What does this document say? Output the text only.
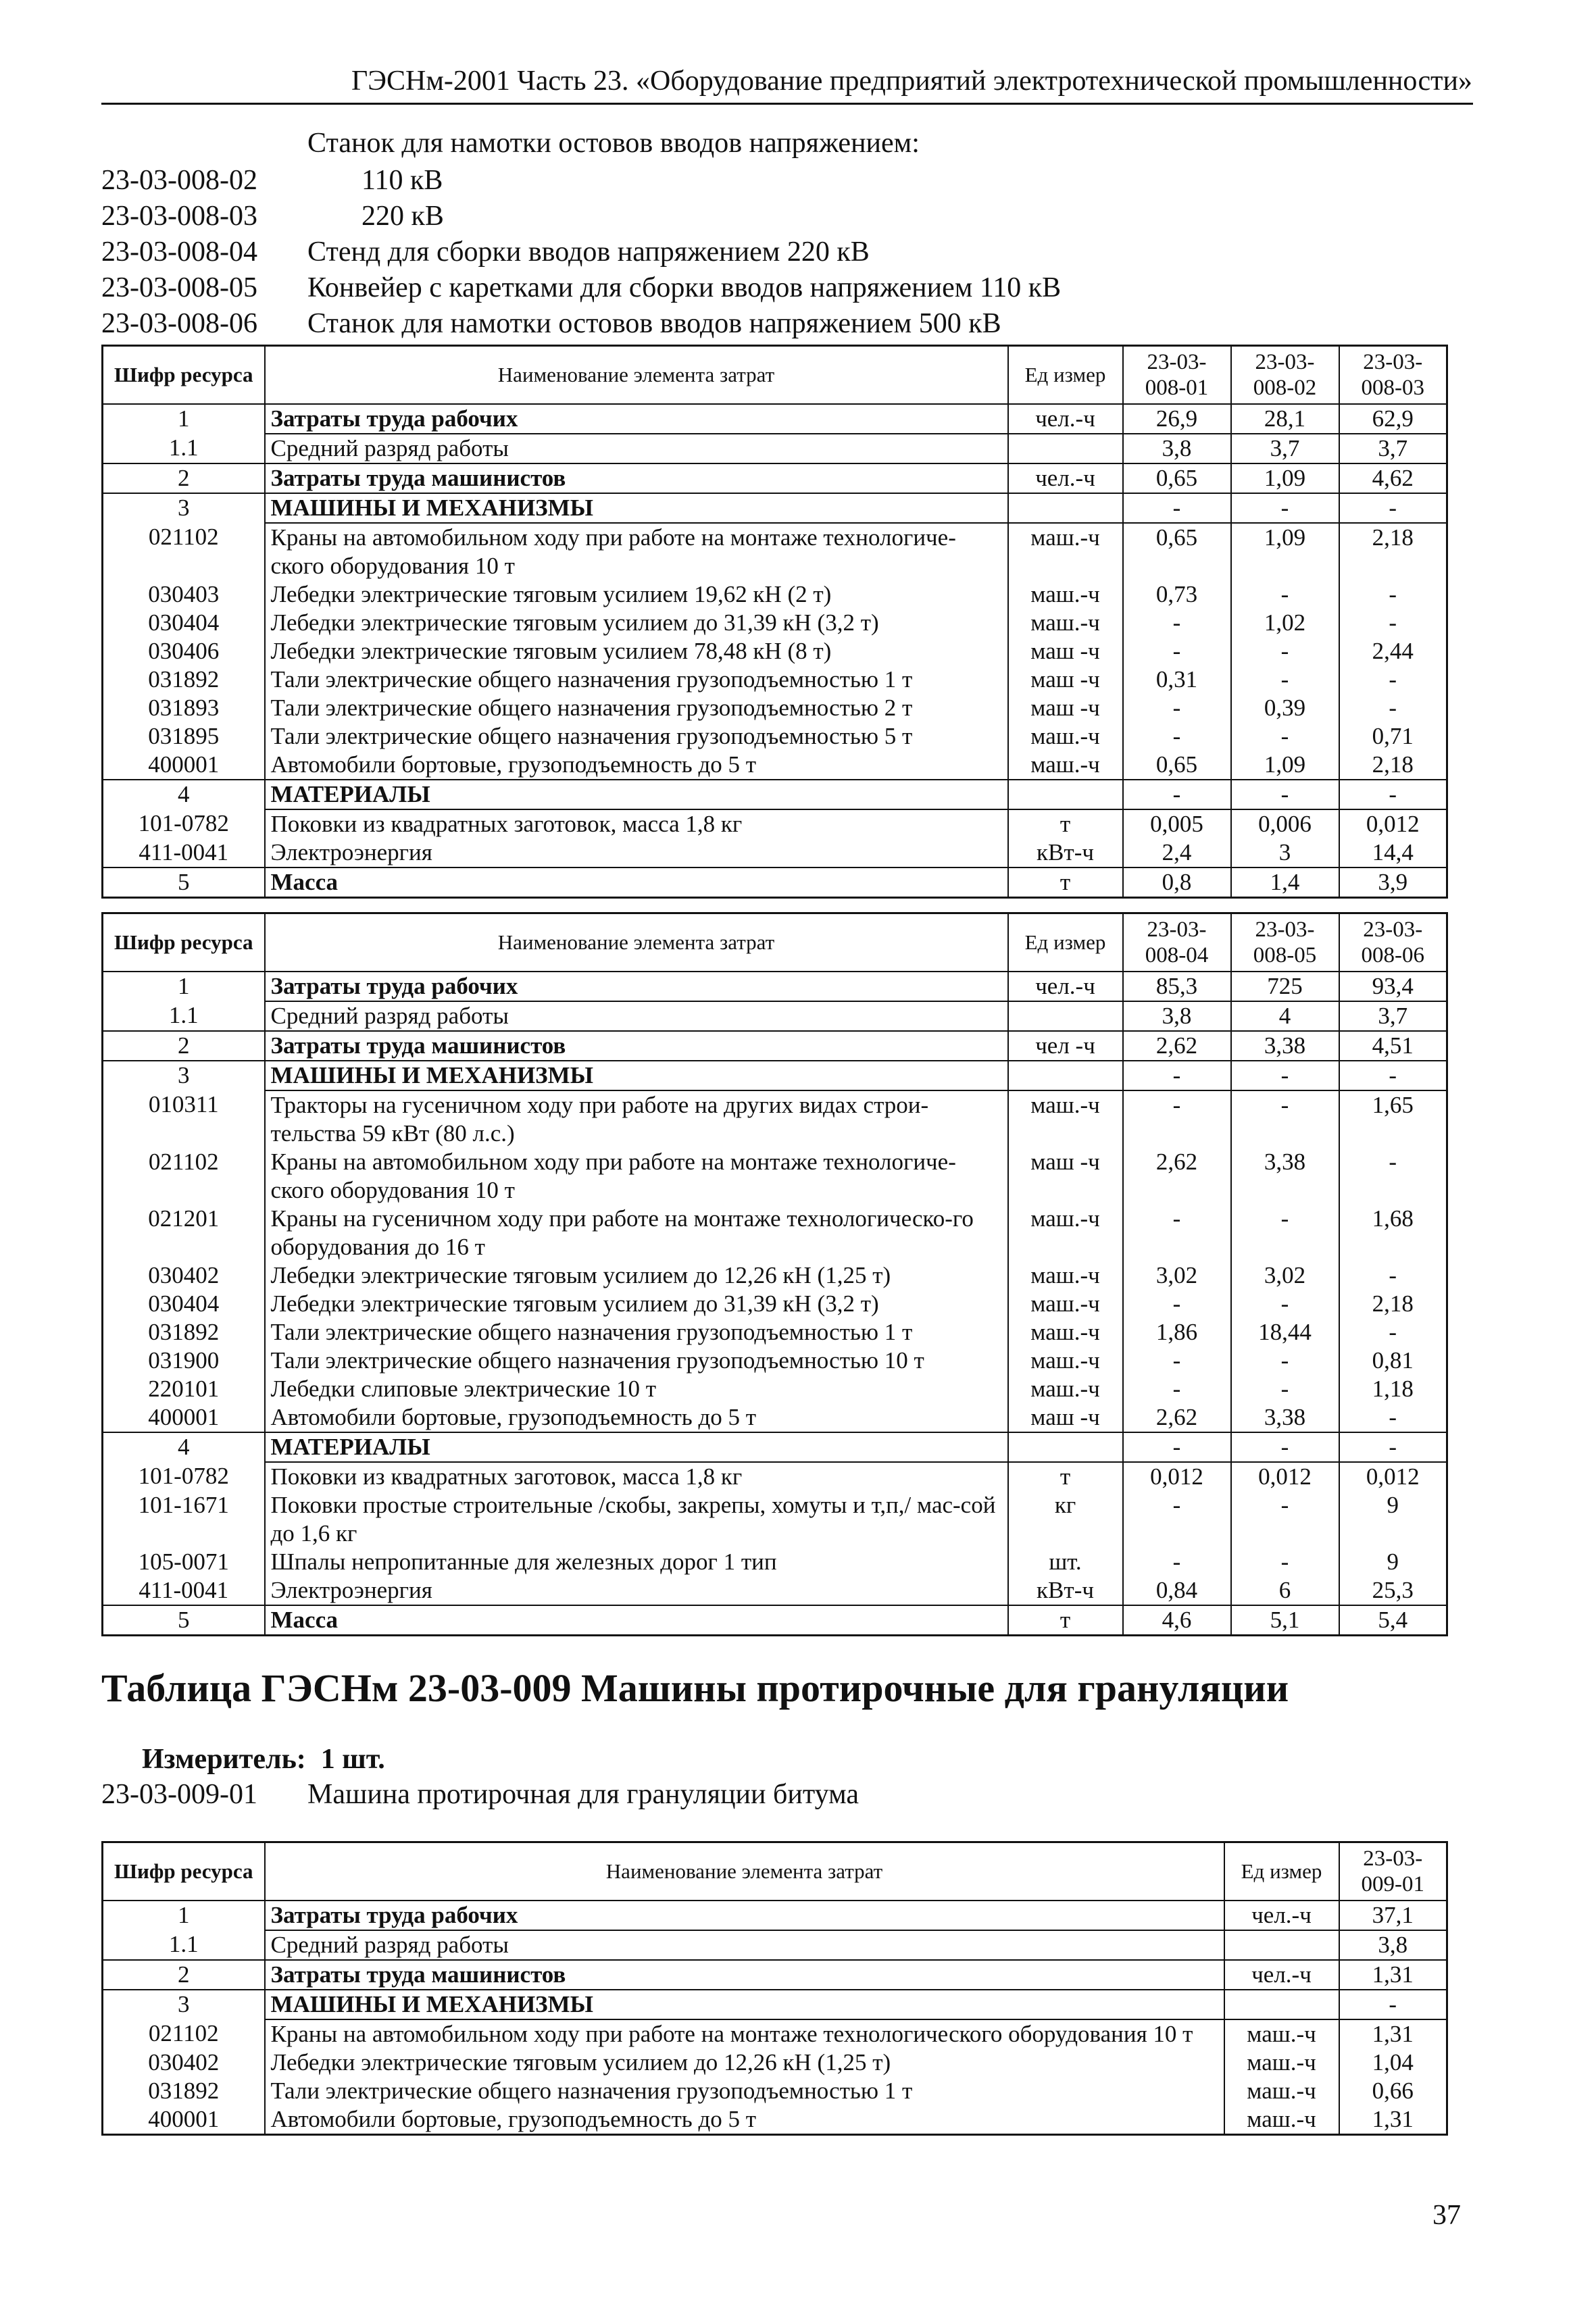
ГЭСНм-2001 Часть 23. «Оборудование предприятий электротехнической промышленности»
Станок для намотки остовов вводов напряжением:
23-03-008-02	110 кВ
23-03-008-03	220 кВ
23-03-008-04	Стенд для сборки вводов напряжением 220 кВ
23-03-008-05	Конвейер с каретками для сборки вводов напряжением 110 кВ
23-03-008-06	Станок для намотки остовов вводов напряжением 500 кВ
Шифр ресурса	Наименование элемента затрат	Ед измер	23-03-008-01	23-03-008-02	23-03-008-03
1	Затраты труда рабочих	чел.-ч	26,9	28,1	62,9
1.1	Средний разряд работы		3,8	3,7	3,7
2	Затраты труда машинистов	чел.-ч	0,65	1,09	4,62
3	МАШИНЫ И МЕХАНИЗМЫ		-	-	-
021102	Краны на автомобильном ходу при работе на монтаже технологиче-ского оборудования 10 т	маш.-ч	0,65	1,09	2,18
030403	Лебедки электрические тяговым усилием 19,62 кН (2 т)	маш.-ч	0,73	-	-
030404	Лебедки электрические тяговым усилием до 31,39 кН (3,2 т)	маш.-ч	-	1,02	-
030406	Лебедки электрические тяговым усилием 78,48 кН (8 т)	маш -ч	-	-	2,44
031892	Тали электрические общего назначения грузоподъемностью 1 т	маш -ч	0,31	-	-
031893	Тали электрические общего назначения грузоподъемностью 2 т	маш -ч	-	0,39	-
031895	Тали электрические общего назначения грузоподъемностью 5 т	маш.-ч	-	-	0,71
400001	Автомобили бортовые, грузоподъемность до 5 т	маш.-ч	0,65	1,09	2,18
4	МАТЕРИАЛЫ		-	-	-
101-0782	Поковки из квадратных заготовок, масса 1,8 кг	т	0,005	0,006	0,012
411-0041	Электроэнергия	кВт-ч	2,4	3	14,4
5	Масса	т	0,8	1,4	3,9
Шифр ресурса	Наименование элемента затрат	Ед измер	23-03-008-04	23-03-008-05	23-03-008-06
1	Затраты труда рабочих	чел.-ч	85,3	725	93,4
1.1	Средний разряд работы		3,8	4	3,7
2	Затраты труда машинистов	чел -ч	2,62	3,38	4,51
3	МАШИНЫ И МЕХАНИЗМЫ		-	-	-
010311	Тракторы на гусеничном ходу при работе на других видах строи-тельства 59 кВт (80 л.с.)	маш.-ч	-	-	1,65
021102	Краны на автомобильном ходу при работе на монтаже технологиче-ского оборудования 10 т	маш -ч	2,62	3,38	-
021201	Краны на гусеничном ходу при работе на монтаже технологическо-го оборудования до 16 т	маш.-ч	-	-	1,68
030402	Лебедки электрические тяговым усилием до 12,26 кН (1,25 т)	маш.-ч	3,02	3,02	-
030404	Лебедки электрические тяговым усилием до 31,39 кН (3,2 т)	маш.-ч	-	-	2,18
031892	Тали электрические общего назначения грузоподъемностью 1 т	маш.-ч	1,86	18,44	-
031900	Тали электрические общего назначения грузоподъемностью 10 т	маш.-ч	-	-	0,81
220101	Лебедки слиповые электрические 10 т	маш.-ч	-	-	1,18
400001	Автомобили бортовые, грузоподъемность до 5 т	маш -ч	2,62	3,38	-
4	МАТЕРИАЛЫ		-	-	-
101-0782	Поковки из квадратных заготовок, масса 1,8 кг	т	0,012	0,012	0,012
101-1671	Поковки простые строительные /скобы, закрепы, хомуты и т,п,/ мас-сой до 1,6 кг	кг	-	-	9
105-0071	Шпалы непропитанные для железных дорог 1 тип	шт.	-	-	9
411-0041	Электроэнергия	кВт-ч	0,84	6	25,3
5	Масса	т	4,6	5,1	5,4
Таблица ГЭСНм 23-03-009 Машины протирочные для грануляции
Измеритель: 1 шт.
23-03-009-01	Машина протирочная для грануляции битума
Шифр ресурса	Наименование элемента затрат	Ед измер	23-03-009-01
1	Затраты труда рабочих	чел.-ч	37,1
1.1	Средний разряд работы		3,8
2	Затраты труда машинистов	чел.-ч	1,31
3	МАШИНЫ И МЕХАНИЗМЫ		-
021102	Краны на автомобильном ходу при работе на монтаже технологического оборудования 10 т	маш.-ч	1,31
030402	Лебедки электрические тяговым усилием до 12,26 кН (1,25 т)	маш.-ч	1,04
031892	Тали электрические общего назначения грузоподъемностью 1 т	маш.-ч	0,66
400001	Автомобили бортовые, грузоподъемность до 5 т	маш.-ч	1,31
37
